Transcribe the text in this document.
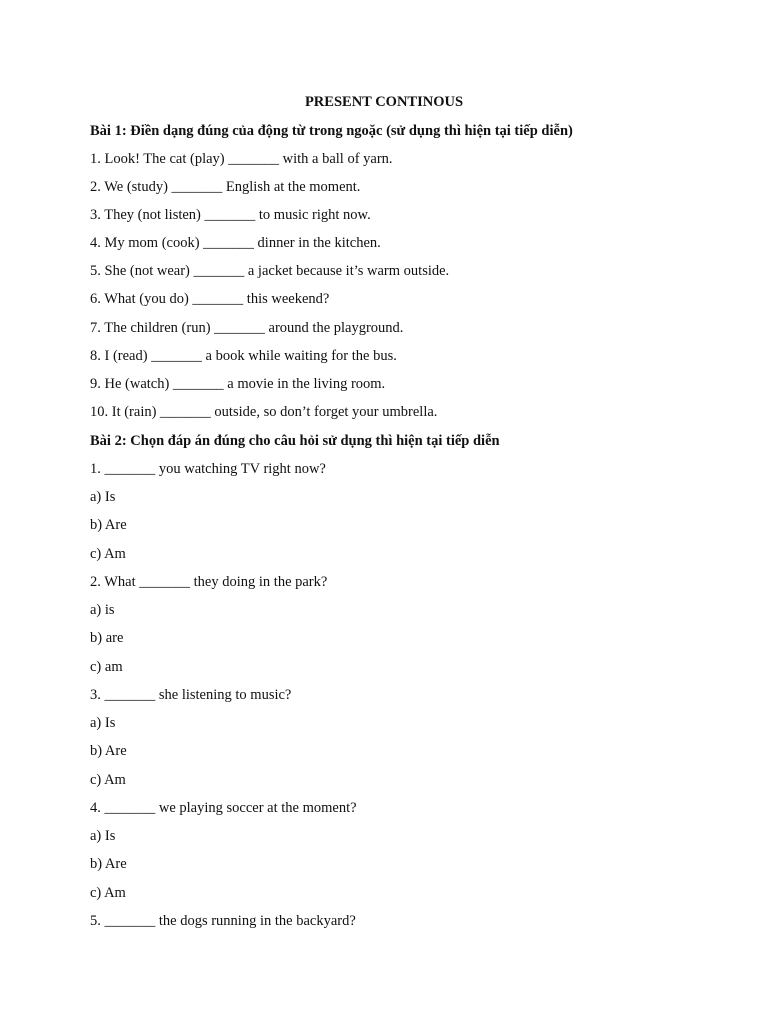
PRESENT CONTINOUS
Bài 1: Điền dạng đúng của động từ trong ngoặc (sử dụng thì hiện tại tiếp diễn)
1. Look! The cat (play) _______ with a ball of yarn.
2. We (study) _______ English at the moment.
3. They (not listen) _______ to music right now.
4. My mom (cook) _______ dinner in the kitchen.
5. She (not wear) _______ a jacket because it’s warm outside.
6. What (you do) _______ this weekend?
7. The children (run) _______ around the playground.
8. I (read) _______ a book while waiting for the bus.
9. He (watch) _______ a movie in the living room.
10. It (rain) _______ outside, so don’t forget your umbrella.
Bài 2: Chọn đáp án đúng cho câu hỏi sử dụng thì hiện tại tiếp diễn
1. _______ you watching TV right now?
a) Is
b) Are
c) Am
2. What _______ they doing in the park?
a) is
b) are
c) am
3. _______ she listening to music?
a) Is
b) Are
c) Am
4. _______ we playing soccer at the moment?
a) Is
b) Are
c) Am
5. _______ the dogs running in the backyard?
